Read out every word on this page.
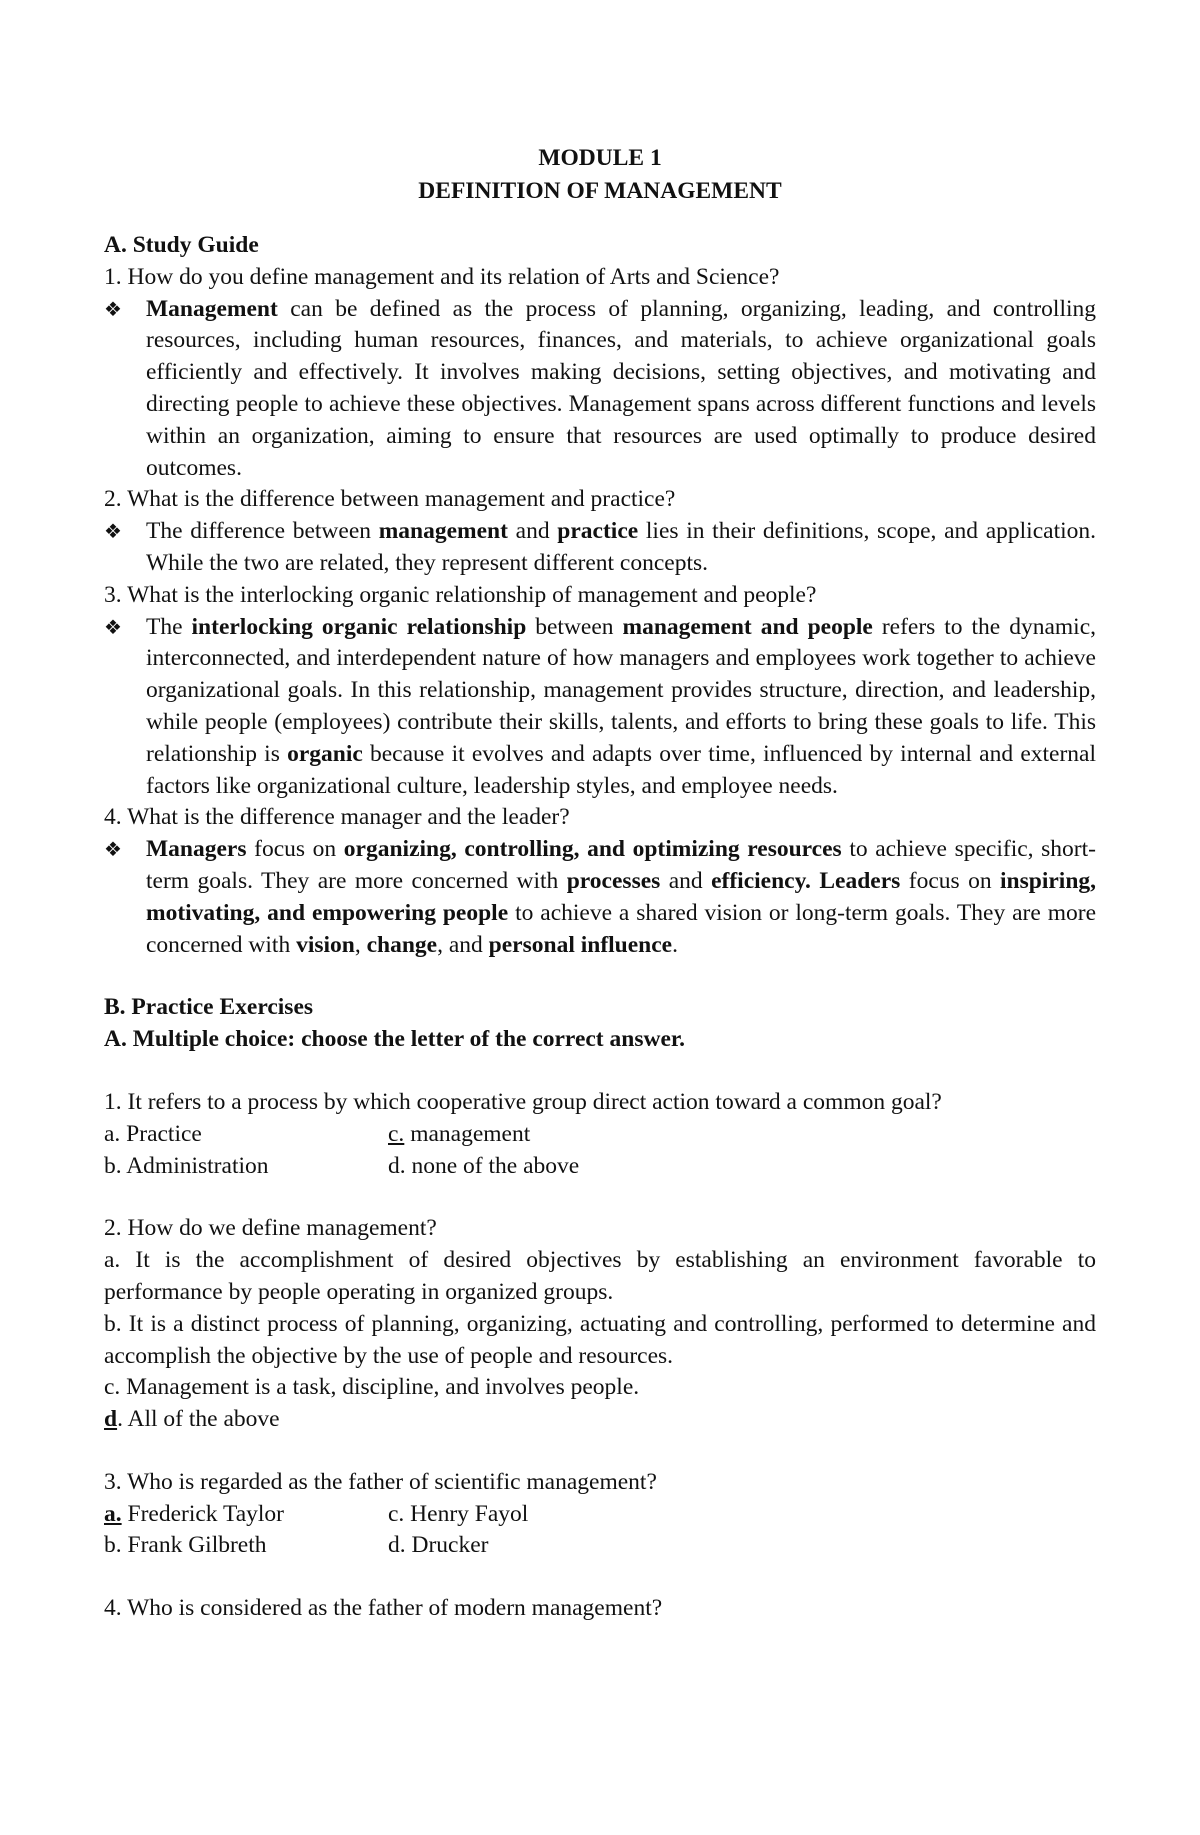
MODULE 1
DEFINITION OF MANAGEMENT
A. Study Guide
1. How do you define management and its relation of Arts and Science?
❖	Management can be defined as the process of planning, organizing, leading, and controlling resources, including human resources, finances, and materials, to achieve organizational goals efficiently and effectively. It involves making decisions, setting objectives, and motivating and directing people to achieve these objectives. Management spans across different functions and levels within an organization, aiming to ensure that resources are used optimally to produce desired outcomes.
2. What is the difference between management and practice?
❖	The difference between management and practice lies in their definitions, scope, and application. While the two are related, they represent different concepts.
3. What is the interlocking organic relationship of management and people?
❖	The interlocking organic relationship between management and people refers to the dynamic, interconnected, and interdependent nature of how managers and employees work together to achieve organizational goals. In this relationship, management provides structure, direction, and leadership, while people (employees) contribute their skills, talents, and efforts to bring these goals to life. This relationship is organic because it evolves and adapts over time, influenced by internal and external factors like organizational culture, leadership styles, and employee needs.
4. What is the difference manager and the leader?
❖	Managers focus on organizing, controlling, and optimizing resources to achieve specific, short-term goals. They are more concerned with processes and efficiency. Leaders focus on inspiring, motivating, and empowering people to achieve a shared vision or long-term goals. They are more concerned with vision, change, and personal influence.
B. Practice Exercises
A. Multiple choice: choose the letter of the correct answer.
1. It refers to a process by which cooperative group direct action toward a common goal?
a. Practice	c. management
b. Administration	d. none of the above
2. How do we define management?
a. It is the accomplishment of desired objectives by establishing an environment favorable to performance by people operating in organized groups.
b. It is a distinct process of planning, organizing, actuating and controlling, performed to determine and accomplish the objective by the use of people and resources.
c. Management is a task, discipline, and involves people.
d. All of the above
3. Who is regarded as the father of scientific management?
a. Frederick Taylor	c. Henry Fayol
b. Frank Gilbreth	d. Drucker
4. Who is considered as the father of modern management?
